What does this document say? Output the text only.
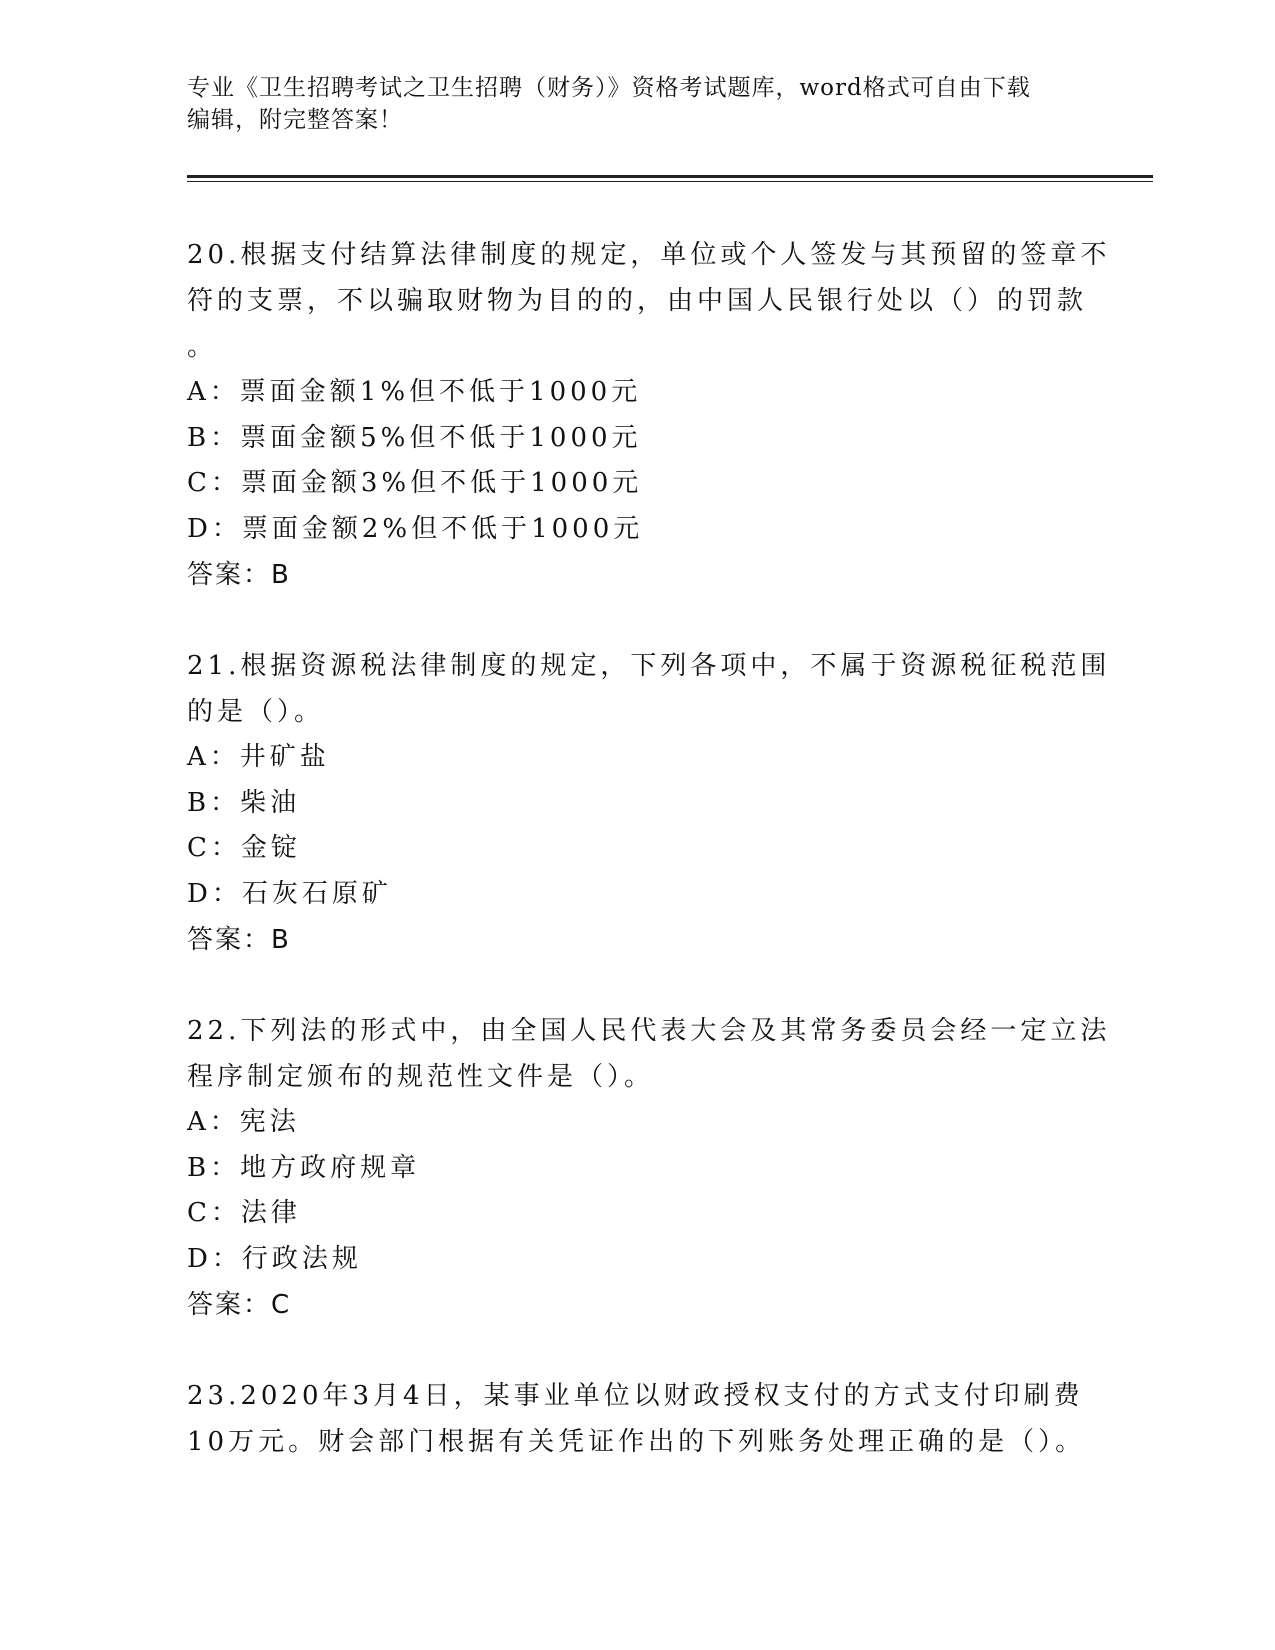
专业《卫生招聘考试之卫生招聘（财务）》资格考试题库，word格式可自由下载
编辑，附完整答案！
20.根据支付结算法律制度的规定，单位或个人签发与其预留的签章不
符的支票，不以骗取财物为目的的，由中国人民银行处以（）的罚款
。
A：票面金额1%但不低于1000元
B：票面金额5%但不低于1000元
C：票面金额3%但不低于1000元
D：票面金额2%但不低于1000元
答案：B
21.根据资源税法律制度的规定，下列各项中，不属于资源税征税范围
的是（）。
A：井矿盐
B：柴油
C：金锭
D：石灰石原矿
答案：B
22.下列法的形式中，由全国人民代表大会及其常务委员会经一定立法
程序制定颁布的规范性文件是（）。
A：宪法
B：地方政府规章
C：法律
D：行政法规
答案：C
23.2020年3月4日，某事业单位以财政授权支付的方式支付印刷费
10万元。财会部门根据有关凭证作出的下列账务处理正确的是（）。
